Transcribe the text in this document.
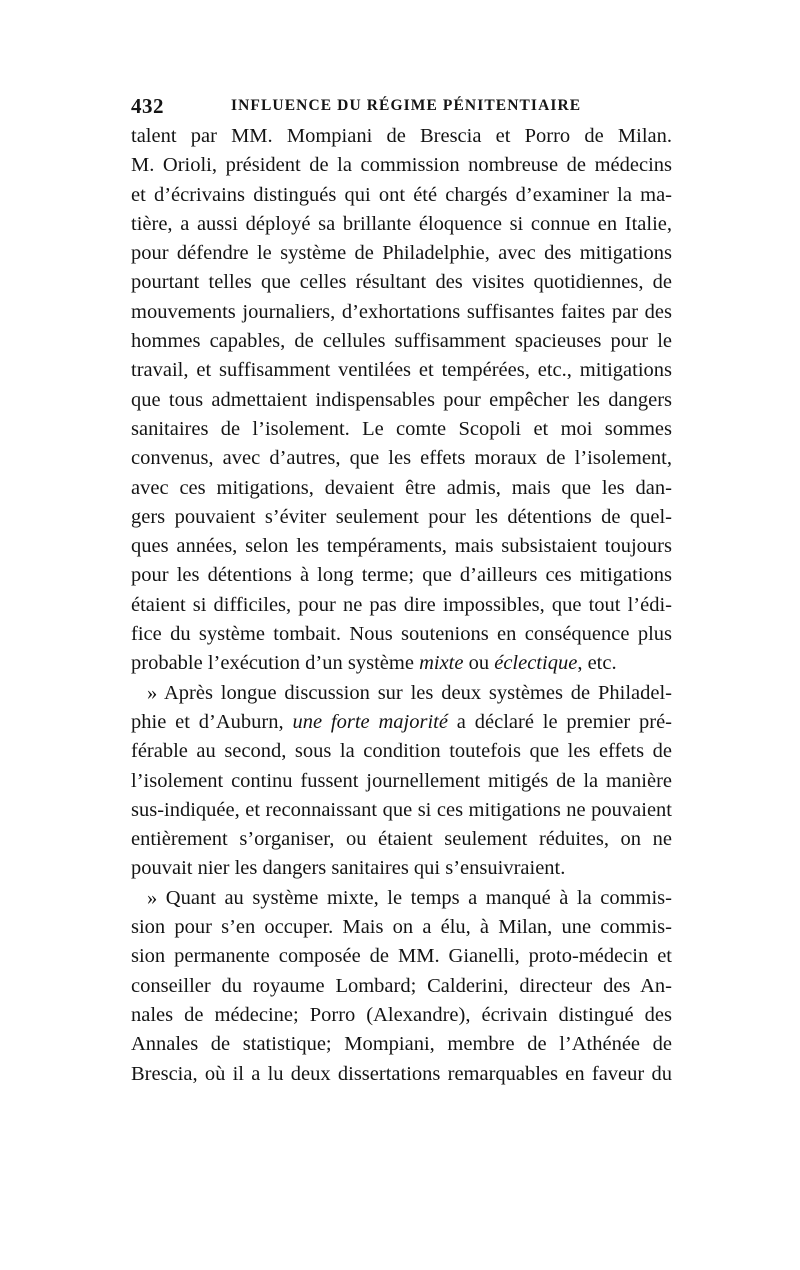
432	INFLUENCE DU RÉGIME PÉNITENTIAIRE
talent par MM. Mompiani de Brescia et Porro de Milan.
M. Orioli, président de la commission nombreuse de médecins
et d’écrivains distingués qui ont été chargés d’examiner la ma-
tière, a aussi déployé sa brillante éloquence si connue en Italie,
pour défendre le système de Philadelphie, avec des mitigations
pourtant telles que celles résultant des visites quotidiennes, de
mouvements journaliers, d’exhortations suffisantes faites par des
hommes capables, de cellules suffisamment spacieuses pour le
travail, et suffisamment ventilées et tempérées, etc., mitigations
que tous admettaient indispensables pour empêcher les dangers
sanitaires de l’isolement. Le comte Scopoli et moi sommes
convenus, avec d’autres, que les effets moraux de l’isolement,
avec ces mitigations, devaient être admis, mais que les dan-
gers pouvaient s’éviter seulement pour les détentions de quel-
ques années, selon les tempéraments, mais subsistaient toujours
pour les détentions à long terme; que d’ailleurs ces mitigations
étaient si difficiles, pour ne pas dire impossibles, que tout l’édi-
fice du système tombait. Nous soutenions en conséquence plus
probable l’exécution d’un système mixte ou éclectique, etc.
» Après longue discussion sur les deux systèmes de Philadel-
phie et d’Auburn, une forte majorité a déclaré le premier pré-
férable au second, sous la condition toutefois que les effets de
l’isolement continu fussent journellement mitigés de la manière
sus-indiquée, et reconnaissant que si ces mitigations ne pouvaient
entièrement s’organiser, ou étaient seulement réduites, on ne
pouvait nier les dangers sanitaires qui s’ensuivraient.
» Quant au système mixte, le temps a manqué à la commis-
sion pour s’en occuper. Mais on a élu, à Milan, une commis-
sion permanente composée de MM. Gianelli, proto-médecin et
conseiller du royaume Lombard; Calderini, directeur des An-
nales de médecine; Porro (Alexandre), écrivain distingué des
Annales de statistique; Mompiani, membre de l’Athénée de
Brescia, où il a lu deux dissertations remarquables en faveur du
